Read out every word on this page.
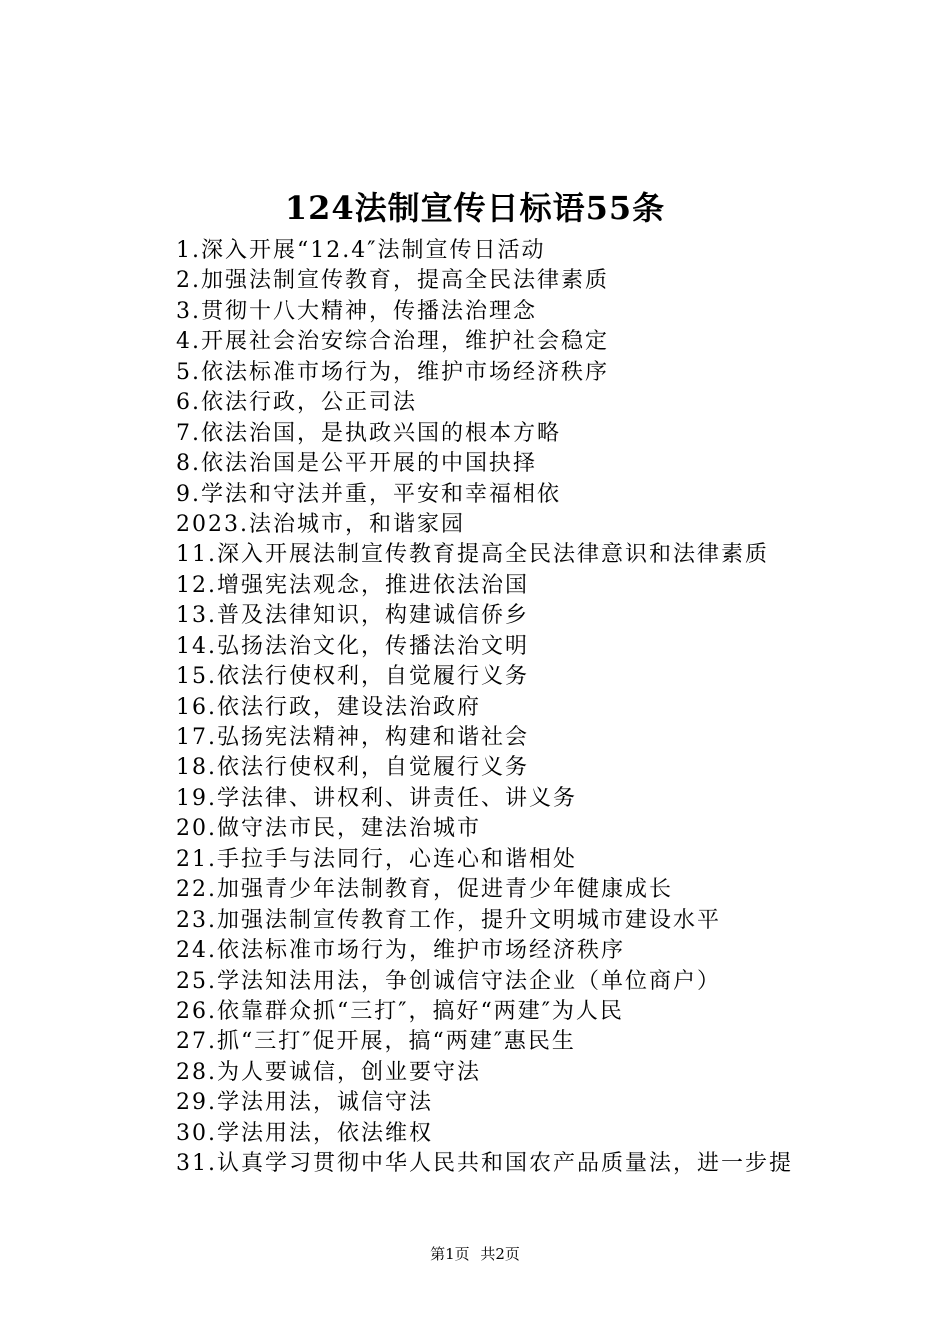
124法制宣传日标语55条
1.深入开展“12.4″法制宣传日活动
2.加强法制宣传教育，提高全民法律素质
3.贯彻十八大精神，传播法治理念
4.开展社会治安综合治理，维护社会稳定
5.依法标准市场行为，维护市场经济秩序
6.依法行政，公正司法
7.依法治国，是执政兴国的根本方略
8.依法治国是公平开展的中国抉择
9.学法和守法并重，平安和幸福相依
2023.法治城市，和谐家园
11.深入开展法制宣传教育提高全民法律意识和法律素质
12.增强宪法观念，推进依法治国
13.普及法律知识，构建诚信侨乡
14.弘扬法治文化，传播法治文明
15.依法行使权利，自觉履行义务
16.依法行政，建设法治政府
17.弘扬宪法精神，构建和谐社会
18.依法行使权利，自觉履行义务
19.学法律、讲权利、讲责任、讲义务
20.做守法市民，建法治城市
21.手拉手与法同行，心连心和谐相处
22.加强青少年法制教育，促进青少年健康成长
23.加强法制宣传教育工作，提升文明城市建设水平
24.依法标准市场行为，维护市场经济秩序
25.学法知法用法，争创诚信守法企业（单位商户）
26.依靠群众抓“三打″，搞好“两建″为人民
27.抓“三打″促开展，搞“两建″惠民生
28.为人要诚信，创业要守法
29.学法用法，诚信守法
30.学法用法，依法维权
31.认真学习贯彻中华人民共和国农产品质量法，进一步提
第1页 共2页
